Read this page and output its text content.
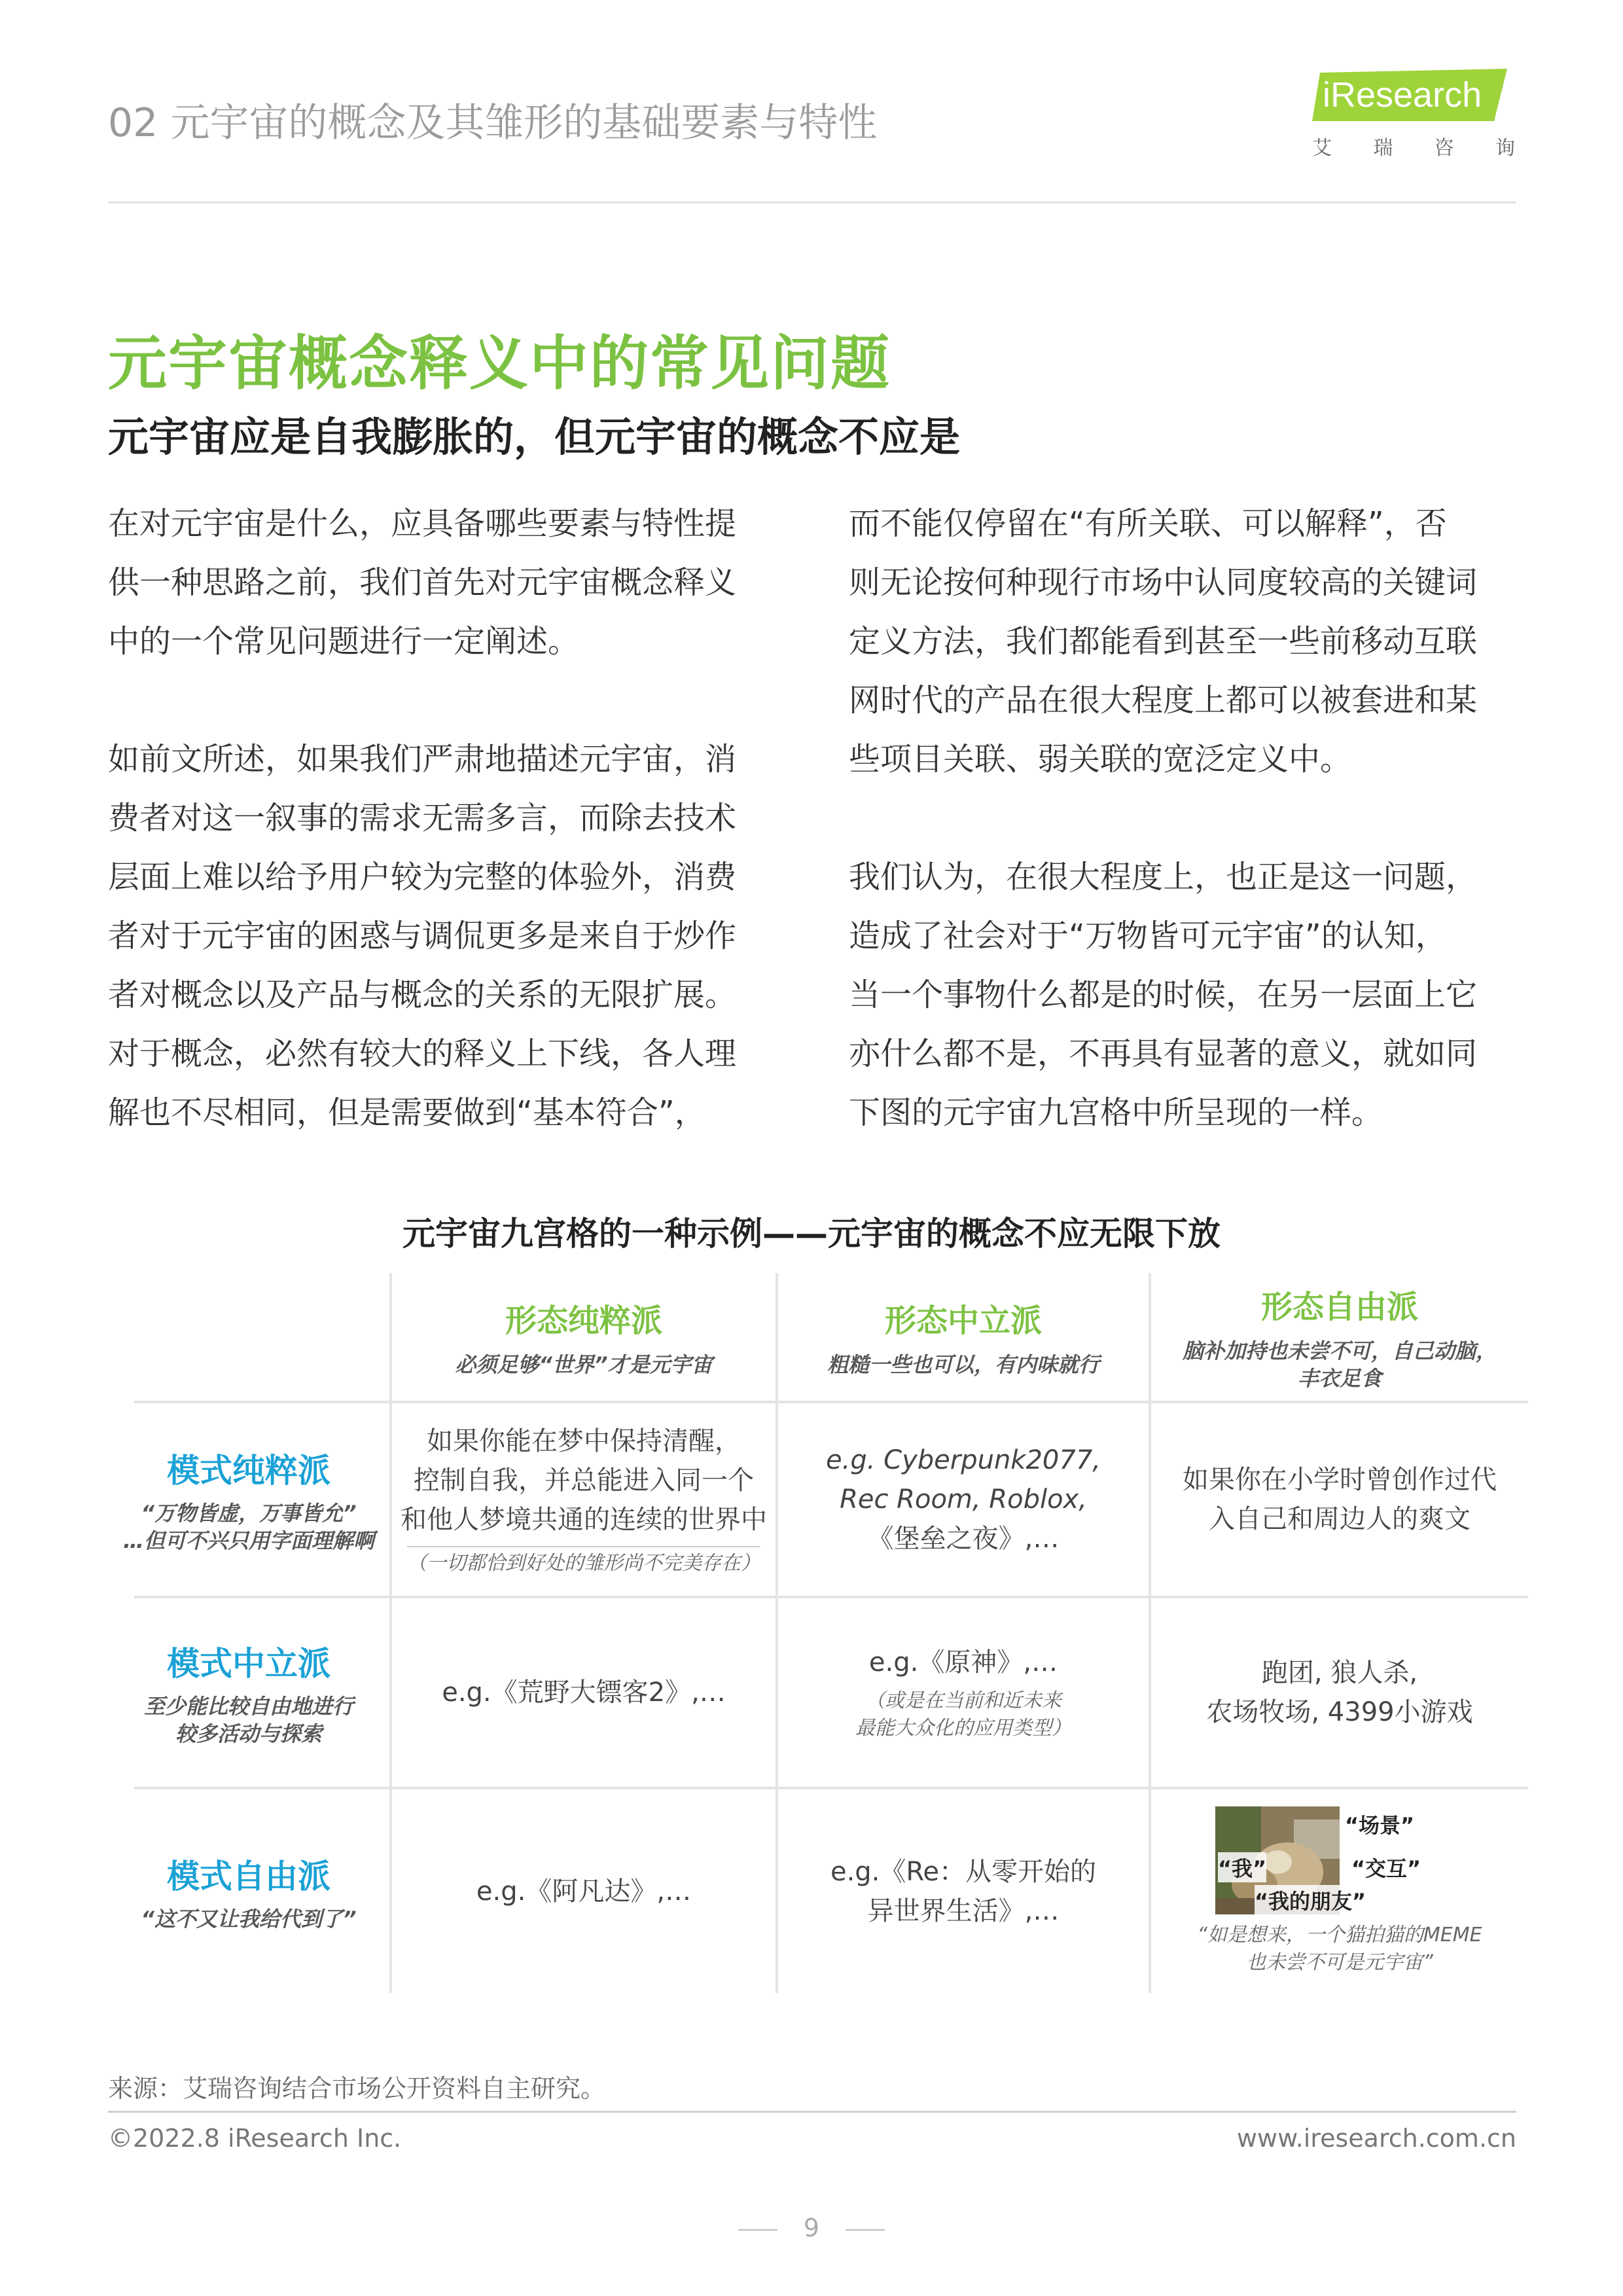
02 元宇宙的概念及其雏形的基础要素与特性
iResearch
艾 瑞 咨 询
元宇宙概念释义中的常见问题
元宇宙应是自我膨胀的，但元宇宙的概念不应是

在对元宇宙是什么，应具备哪些要素与特性提

供一种思路之前，我们首先对元宇宙概念释义

中的一个常见问题进行一定阐述。

如前文所述，如果我们严肃地描述元宇宙，消

费者对这一叙事的需求无需多言，而除去技术

层面上难以给予用户较为完整的体验外，消费

者对于元宇宙的困惑与调侃更多是来自于炒作

者对概念以及产品与概念的关系的无限扩展。

对于概念，必然有较大的释义上下线，各人理

解也不尽相同，但是需要做到“基本符合”，

而不能仅停留在“有所关联、可以解释”，否

则无论按何种现行市场中认同度较高的关键词

定义方法，我们都能看到甚至一些前移动互联

网时代的产品在很大程度上都可以被套进和某

些项目关联、弱关联的宽泛定义中。

我们认为，在很大程度上，也正是这一问题，

造成了社会对于“万物皆可元宇宙”的认知，

当一个事物什么都是的时候，在另一层面上它

亦什么都不是，不再具有显著的意义，就如同

下图的元宇宙九宫格中所呈现的一样。

元宇宙九宫格的一种示例——元宇宙的概念不应无限下放
形态纯粹派
必须足够“世界”才是元宇宙
形态中立派
粗糙一些也可以，有内味就行
形态自由派
脑补加持也未尝不可，自己动脑，
丰衣足食
模式纯粹派
“万物皆虚，万事皆允”
…但可不兴只用字面理解啊
模式中立派
至少能比较自由地进行
较多活动与探索
模式自由派
“这不又让我给代到了”
如果你能在梦中保持清醒，
控制自我，并总能进入同一个
和他人梦境共通的连续的世界中
（一切都恰到好处的雏形尚不完美存在）
e.g. Cyberpunk2077,
Rec Room, Roblox,
《堡垒之夜》,…
如果你在小学时曾创作过代
入自己和周边人的爽文
e.g.《荒野大镖客2》,…
e.g.《原神》,…
（或是在当前和近未来
最能大众化的应用类型）
跑团, 狼人杀,
农场牧场, 4399小游戏
e.g.《阿凡达》,…
e.g.《Re：从零开始的
异世界生活》,…
“场景”
“我”	“交互”
“我的朋友”
“如是想来，一个猫拍猫的MEME
也未尝不可是元宇宙”
来源：艾瑞咨询结合市场公开资料自主研究。
©2022.8 iResearch Inc.	www.iresearch.com.cn
9
